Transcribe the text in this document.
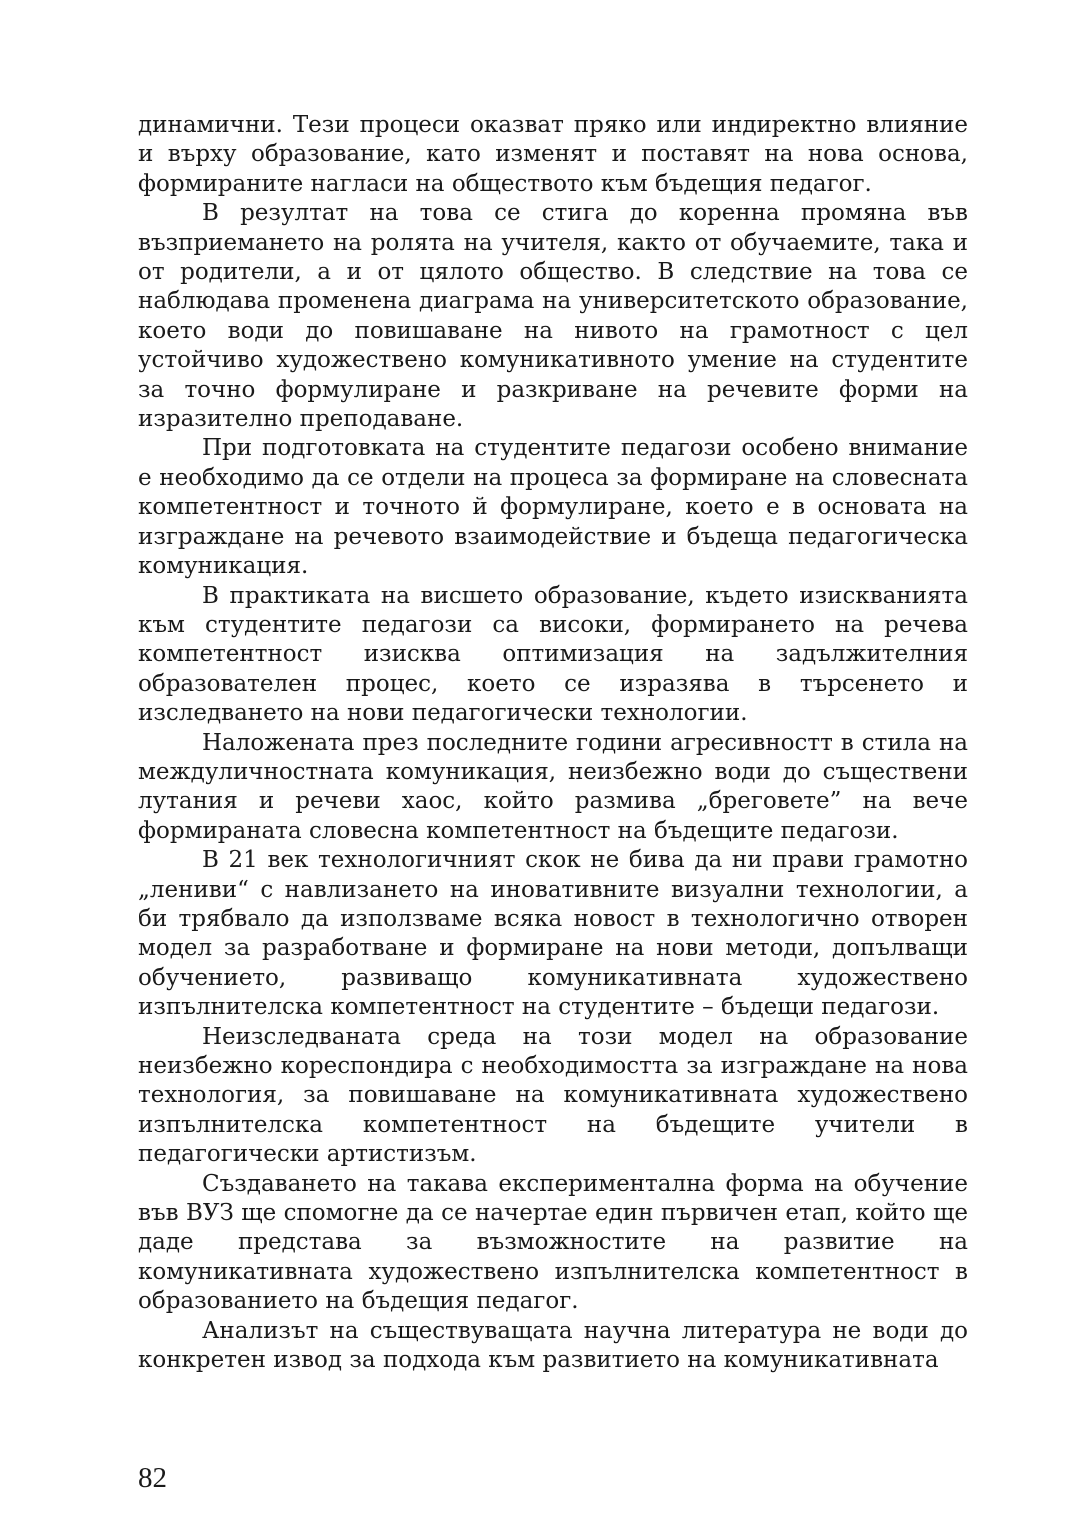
динамични. Тези процеси оказват пряко или индиректно влияние и върху образование, като изменят и поставят на нова основа, формираните нагласи на обществото към бъдещия педагог.

В резултат на това се стига до коренна промяна във възприемането на ролята на учителя, както от обучаемите, така и от родители, а и от цялото общество. В следствие на това се наблюдава променена диаграма на университетското образование, което води до повишаване на нивото на грамотност с цел устойчиво художествено комуникативното умение на студентите за точно формулиране и разкриване на речевите форми на изразително преподаване.

При подготовката на студентите педагози особено внимание е необходимо да се отдели на процеса за формиране на словесната компетентност и точното й формулиране, което е в основата на изграждане на речевото взаимодействие и бъдеща педагогическа комуникация.

В практиката на висшето образование, където изискванията към студентите педагози са високи, формирането на речева компетентност изисква оптимизация на задължителния образователен процес, което се изразява в търсенето и изследването на нови педагогически технологии.

Наложената през последните години агресивностт в стила на междуличностната комуникация, неизбежно води до съществени лутания и речеви хаос, който размива „бреговете” на вече формираната словесна компетентност на бъдещите педагози.

В 21 век технологичният скок не бива да ни прави грамотно „лениви“ с навлизането на иновативните визуални технологии, а би трябвало да използваме всяка новост в технологично отворен модел за разработване и формиране на нови методи, допълващи обучението, развиващо комуникативната художествено изпълнителска компетентност на студентите – бъдещи педагози.

Неизследваната среда на този модел на образование неизбежно кореспондира с необходимостта за изграждане на нова технология, за повишаване на комуникативната художествено изпълнителска компетентност на бъдещите учители в педагогически артистизъм.

Създаването на такава експериментална форма на обучение във ВУЗ ще спомогне да се начертае един първичен етап, който ще даде представа за възможностите на развитие на комуникативната художествено изпълнителска компетентност в образованието на бъдещия педагог.

Анализът на съществуващата научна литература не води до конкретен извод за подхода към развитието на комуникативната

82
